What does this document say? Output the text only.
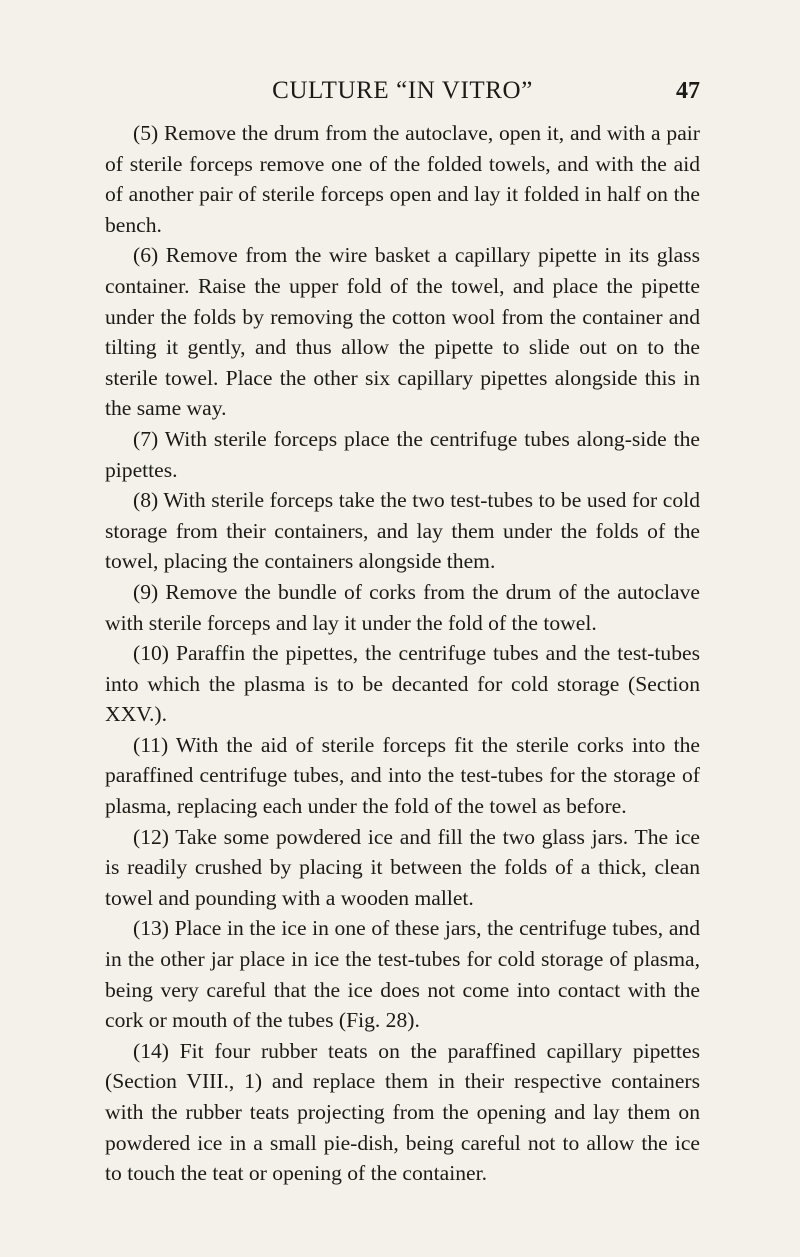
CULTURE “IN VITRO”	47

(5) Remove the drum from the autoclave, open it, and with a pair of sterile forceps remove one of the folded towels, and with the aid of another pair of sterile forceps open and lay it folded in half on the bench.

(6) Remove from the wire basket a capillary pipette in its glass container. Raise the upper fold of the towel, and place the pipette under the folds by removing the cotton wool from the container and tilting it gently, and thus allow the pipette to slide out on to the sterile towel. Place the other six capillary pipettes alongside this in the same way.

(7) With sterile forceps place the centrifuge tubes along-side the pipettes.

(8) With sterile forceps take the two test-tubes to be used for cold storage from their containers, and lay them under the folds of the towel, placing the containers alongside them.

(9) Remove the bundle of corks from the drum of the autoclave with sterile forceps and lay it under the fold of the towel.

(10) Paraffin the pipettes, the centrifuge tubes and the test-tubes into which the plasma is to be decanted for cold storage (Section XXV.).

(11) With the aid of sterile forceps fit the sterile corks into the paraffined centrifuge tubes, and into the test-tubes for the storage of plasma, replacing each under the fold of the towel as before.

(12) Take some powdered ice and fill the two glass jars. The ice is readily crushed by placing it between the folds of a thick, clean towel and pounding with a wooden mallet.

(13) Place in the ice in one of these jars, the centrifuge tubes, and in the other jar place in ice the test-tubes for cold storage of plasma, being very careful that the ice does not come into contact with the cork or mouth of the tubes (Fig. 28).

(14) Fit four rubber teats on the paraffined capillary pipettes (Section VIII., 1) and replace them in their respective containers with the rubber teats projecting from the opening and lay them on powdered ice in a small pie-dish, being careful not to allow the ice to touch the teat or opening of the container.
